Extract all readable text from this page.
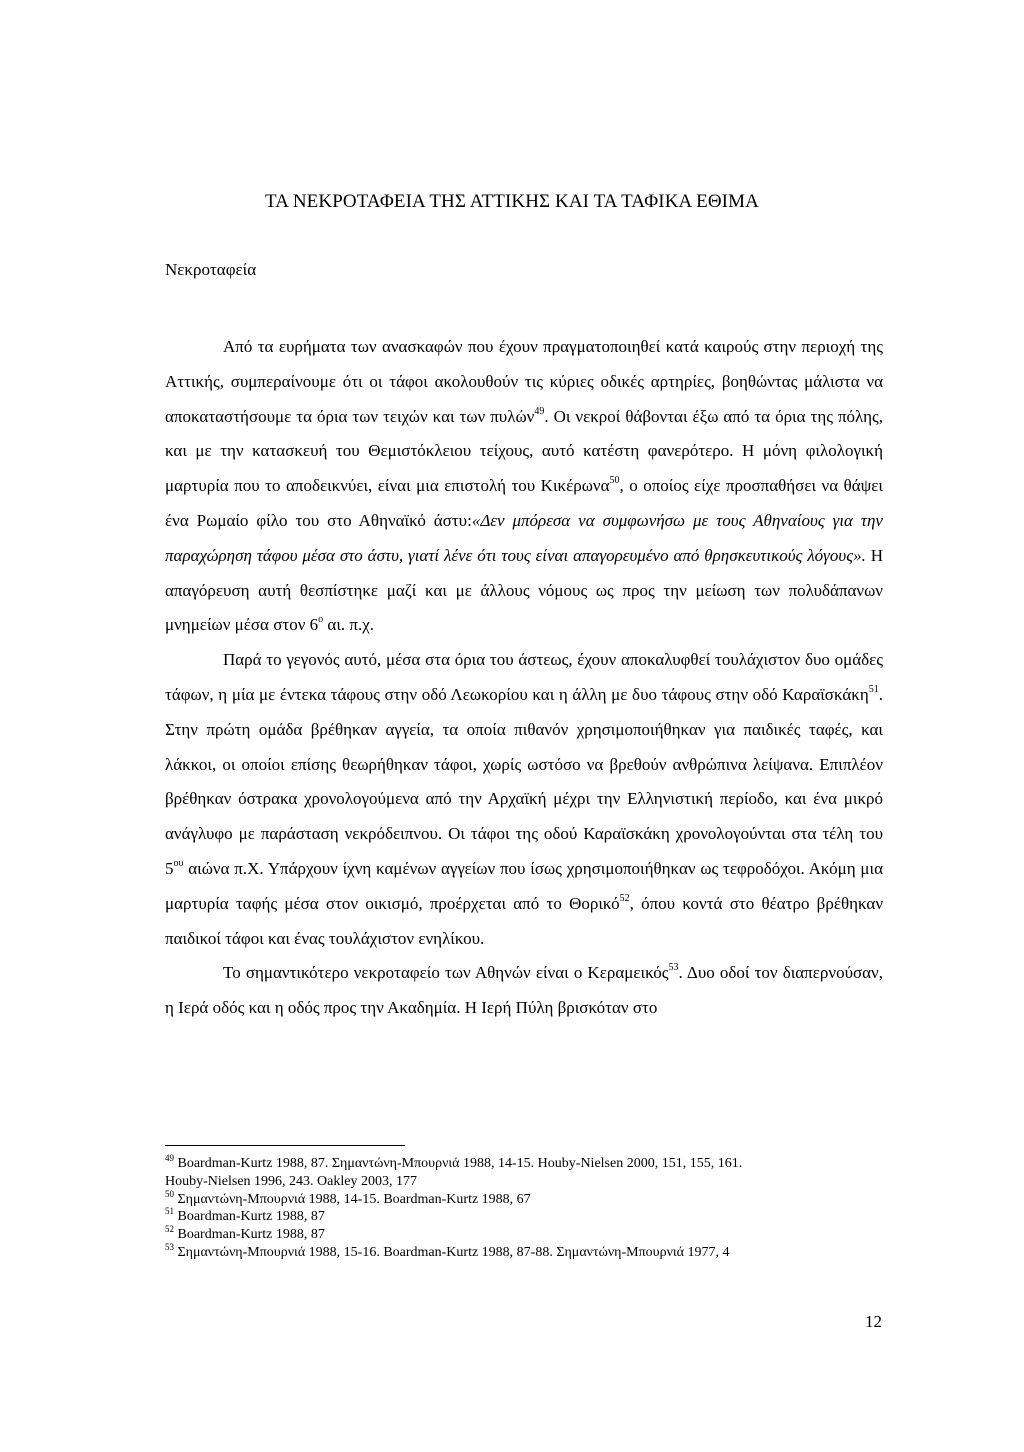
ΤΑ ΝΕΚΡΟΤΑΦΕΙΑ ΤΗΣ ΑΤΤΙΚΗΣ ΚΑΙ ΤΑ ΤΑΦΙΚΑ ΕΘΙΜΑ
Νεκροταφεία

Από τα ευρήματα των ανασκαφών που έχουν πραγματοποιηθεί κατά καιρούς στην περιοχή της Αττικής, συμπεραίνουμε ότι οι τάφοι ακολουθούν τις κύριες οδικές αρτηρίες, βοηθώντας μάλιστα να αποκαταστήσουμε τα όρια των τειχών και των πυλών$^{49}$. Οι νεκροί θάβονται έξω από τα όρια της πόλης, και με την κατασκευή του Θεμιστόκλειου τείχους, αυτό κατέστη φανερότερο. Η μόνη φιλολογική μαρτυρία που το αποδεικνύει, είναι μια επιστολή του Κικέρωνα$^{50}$, ο οποίος είχε προσπαθήσει να θάψει ένα Ρωμαίο φίλο του στο Αθηναϊκό άστυ:«Δεν μπόρεσα να συμφωνήσω με τους Αθηναίους για την παραχώρηση τάφου μέσα στο άστυ, γιατί λένε ότι τους είναι απαγορευμένο από θρησκευτικούς λόγους». Η απαγόρευση αυτή θεσπίστηκε μαζί και με άλλους νόμους ως προς την μείωση των πολυδάπανων μνημείων μέσα στον $6^o$ αι. π.χ.

Παρά το γεγονός αυτό, μέσα στα όρια του άστεως, έχουν αποκαλυφθεί τουλάχιστον δυο ομάδες τάφων, η μία με έντεκα τάφους στην οδό Λεωκορίου και η άλλη με δυο τάφους στην οδό Καραϊσκάκη$^{51}$. Στην πρώτη ομάδα βρέθηκαν αγγεία, τα οποία πιθανόν χρησιμοποιήθηκαν για παιδικές ταφές, και λάκκοι, οι οποίοι επίσης θεωρήθηκαν τάφοι, χωρίς ωστόσο να βρεθούν ανθρώπινα λείψανα. Επιπλέον βρέθηκαν όστρακα χρονολογούμενα από την Αρχαϊκή μέχρι την Ελληνιστική περίοδο, και ένα μικρό ανάγλυφο με παράσταση νεκρόδειπνου. Οι τάφοι της οδού Καραϊσκάκη χρονολογούνται στα τέλη του $5^{o\upsilon}$ αιώνα π.Χ. Υπάρχουν ίχνη καμένων αγγείων που ίσως χρησιμοποιήθηκαν ως τεφροδόχοι. Ακόμη μια μαρτυρία ταφής μέσα στον οικισμό, προέρχεται από το Θορικό$^{52}$, όπου κοντά στο θέατρο βρέθηκαν παιδικοί τάφοι και ένας τουλάχιστον ενηλίκου.

Το σημαντικότερο νεκροταφείο των Αθηνών είναι ο Κεραμεικός$^{53}$. Δυο οδοί τον διαπερνούσαν, η Ιερά οδός και η οδός προς την Ακαδημία. Η Ιερή Πύλη βρισκόταν στο

$^{49}$ Boardman-Kurtz 1988, 87. Σημαντώνη-Μπουρνιά 1988, 14-15. Houby-Nielsen 2000, 151, 155, 161.
Houby-Nielsen 1996, 243. Oakley 2003, 177
$^{50}$ Σημαντώνη-Μπουρνιά 1988, 14-15. Boardman-Kurtz 1988, 67
$^{51}$ Boardman-Kurtz 1988, 87
$^{52}$ Boardman-Kurtz 1988, 87
$^{53}$ Σημαντώνη-Μπουρνιά 1988, 15-16. Boardman-Kurtz 1988, 87-88. Σημαντώνη-Μπουρνιά 1977, 4
12
